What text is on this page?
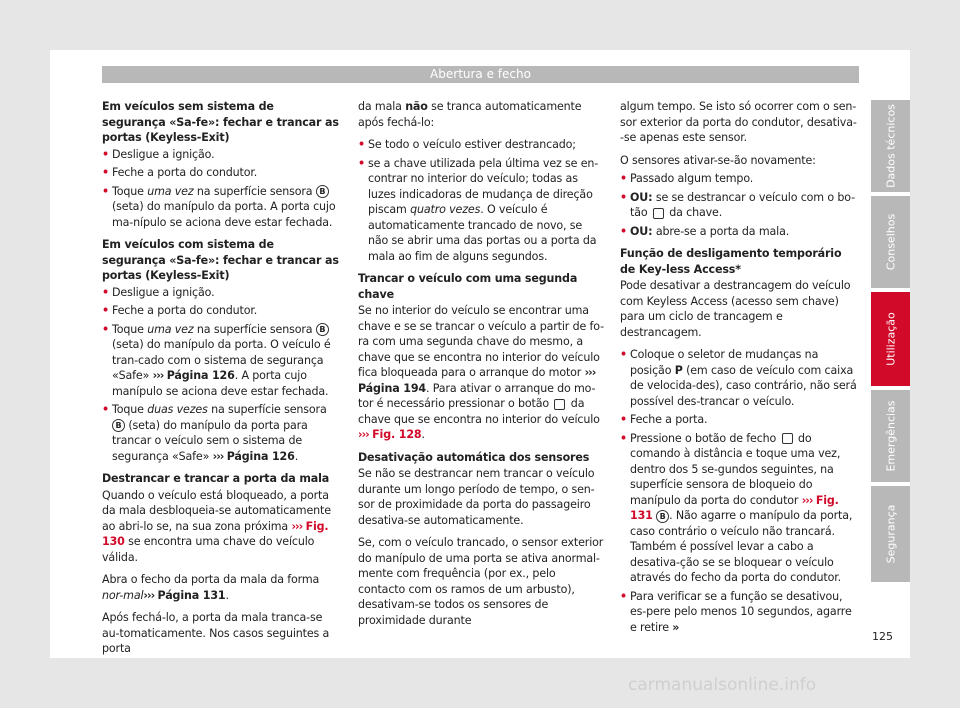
Abertura e fecho
Em veículos sem sistema de segurança «Sa-fe»: fechar e trancar as portas (Keyless-Exit)
• Desligue a ignição.
• Feche a porta do condutor.
• Toque uma vez na superfície sensora B (seta) do manípulo da porta. A porta cujo ma-nípulo se aciona deve estar fechada.
Em veículos com sistema de segurança «Sa-fe»: fechar e trancar as portas (Keyless-Exit)
• Desligue a ignição.
• Feche a porta do condutor.
• Toque uma vez na superfície sensora B (seta) do manípulo da porta. O veículo é tran-cado com o sistema de segurança «Safe» ››› Página 126. A porta cujo manípulo se aciona deve estar fechada.
• Toque duas vezes na superfície sensora B (seta) do manípulo da porta para trancar o veículo sem o sistema de segurança «Safe» ››› Página 126.
Destrancar e trancar a porta da mala

Quando o veículo está bloqueado, a porta da mala desbloqueia-se automaticamente ao abri-lo se, na sua zona próxima ››› Fig. 130 se encontra uma chave do veículo válida.

Abra o fecho da porta da mala da forma nor-mal››› Página 131.

Após fechá-lo, a porta da mala tranca-se au-tomaticamente. Nos casos seguintes a porta

da mala não se tranca automaticamente após fechá-lo:

• Se todo o veículo estiver destrancado;
• se a chave utilizada pela última vez se en-contrar no interior do veículo; todas as luzes indicadoras de mudança de direção piscam quatro vezes. O veículo é automaticamente trancado de novo, se não se abrir uma das portas ou a porta da mala ao fim de alguns segundos.
Trancar o veículo com uma segunda chave

Se no interior do veículo se encontrar uma chave e se se trancar o veículo a partir de fo-ra com uma segunda chave do mesmo, a chave que se encontra no interior do veículo fica bloqueada para o arranque do motor ››› Página 194. Para ativar o arranque do mo-tor é necessário pressionar o botão  da chave que se encontra no interior do veículo ››› Fig. 128.

Desativação automática dos sensores

Se não se destrancar nem trancar o veículo durante um longo período de tempo, o sen-sor de proximidade da porta do passageiro desativa-se automaticamente.

Se, com o veículo trancado, o sensor exterior do manípulo de uma porta se ativa anormal-mente com frequência (por ex., pelo contacto com os ramos de um arbusto), desativam-se todos os sensores de proximidade durante

algum tempo. Se isto só ocorrer com o sen-sor exterior da porta do condutor, desativa--se apenas este sensor.

O sensores ativar-se-ão novamente:

• Passado algum tempo.
• OU: se se destrancar o veículo com o bo-tão  da chave.
• OU: abre-se a porta da mala.
Função de desligamento temporário de Key-less Access*

Pode desativar a destrancagem do veículo com Keyless Access (acesso sem chave) para um ciclo de trancagem e destrancagem.

• Coloque o seletor de mudanças na posição P (em caso de veículo com caixa de velocida-des), caso contrário, não será possível des-trancar o veículo.
• Feche a porta.
• Pressione o botão de fecho  do comando à distância e toque uma vez, dentro dos 5 se-gundos seguintes, na superfície sensora de bloqueio do manípulo da porta do condutor ››› Fig. 131 B . Não agarre o manípulo da porta, caso contrário o veículo não trancará. Também é possível levar a cabo a desativa-ção se se bloquear o veículo através do fecho da porta do condutor.
• Para verificar se a função se desativou, es-pere pelo menos 10 segundos, agarre e retire »
Dados técnicos
Conselhos
Utilização
Emergências
Segurança
125
carmanualsonline.info
